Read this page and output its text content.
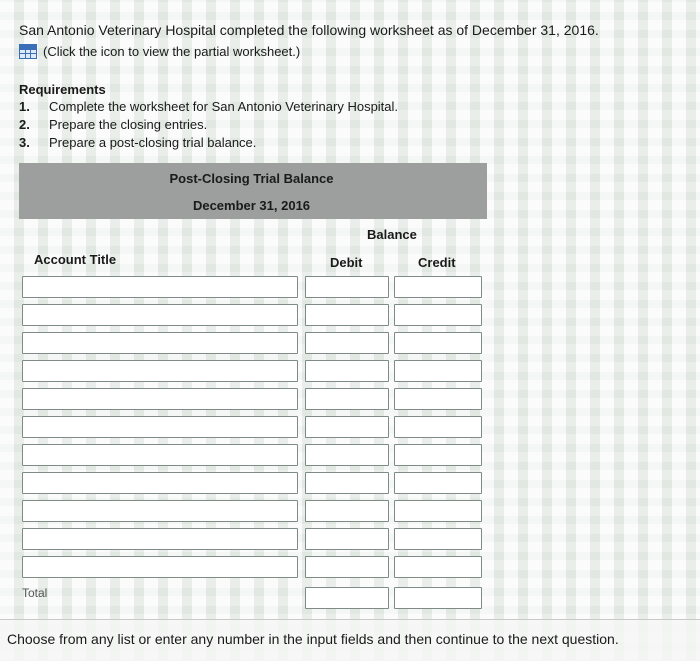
San Antonio Veterinary Hospital completed the following worksheet as of December 31, 2016.
(Click the icon to view the partial worksheet.)
Requirements
1.	Complete the worksheet for San Antonio Veterinary Hospital.
2.	Prepare the closing entries.
3.	Prepare a post-closing trial balance.
Post-Closing Trial Balance
December 31, 2016
Balance
Account Title	Debit	Credit
Total
Choose from any list or enter any number in the input fields and then continue to the next question.
